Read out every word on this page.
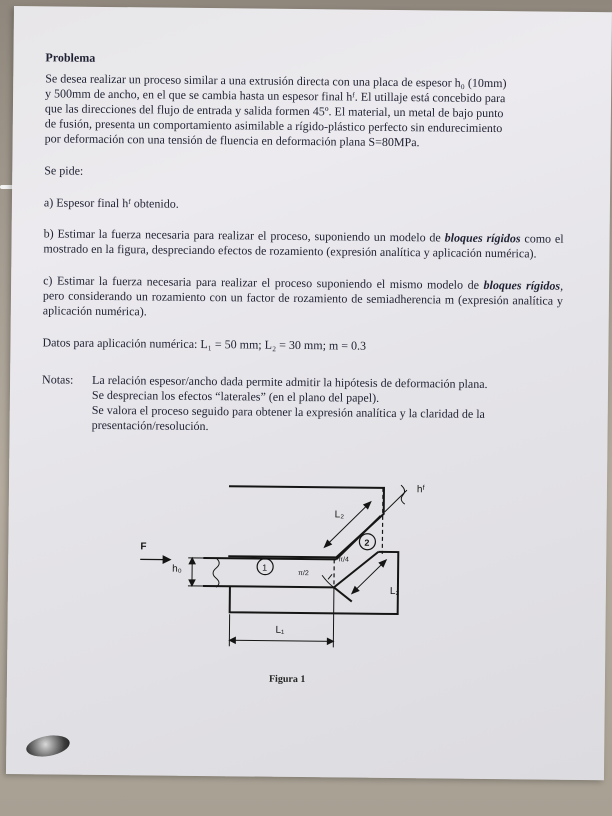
Problema

Se desea realizar un proceso similar a una extrusión directa con una placa de espesor h₀ (10mm)

y 500mm de ancho, en el que se cambia hasta un espesor final hᶠ. El utillaje está concebido para

que las direcciones del flujo de entrada y salida formen 45º. El material, un metal de bajo punto

de fusión, presenta un comportamiento asimilable a rígido-plástico perfecto sin endurecimiento

por deformación con una tensión de fluencia en deformación plana S=80MPa.

Se pide:

a) Espesor final hᶠ obtenido.

b) Estimar la fuerza necesaria para realizar el proceso, suponiendo un modelo de bloques rígidos como el mostrado en la figura, despreciando efectos de rozamiento (expresión analítica y aplicación numérica).

c) Estimar la fuerza necesaria para realizar el proceso suponiendo el mismo modelo de bloques rígidos, pero considerando un rozamiento con un factor de rozamiento de semiadherencia m (expresión analítica y aplicación numérica).

Datos para aplicación numérica: L₁ = 50 mm; L₂ = 30 mm; m = 0.3

Notas:	La relación espesor/ancho dada permite admitir la hipótesis de deformación plana.

Se desprecian los efectos “laterales” (en el plano del papel).

Se valora el proceso seguido para obtener la expresión analítica y la claridad de la

presentación/resolución.

F
h₀
hᶠ
L₁
L₂
L₂
1
2
π/2
π/4
Figura 1
